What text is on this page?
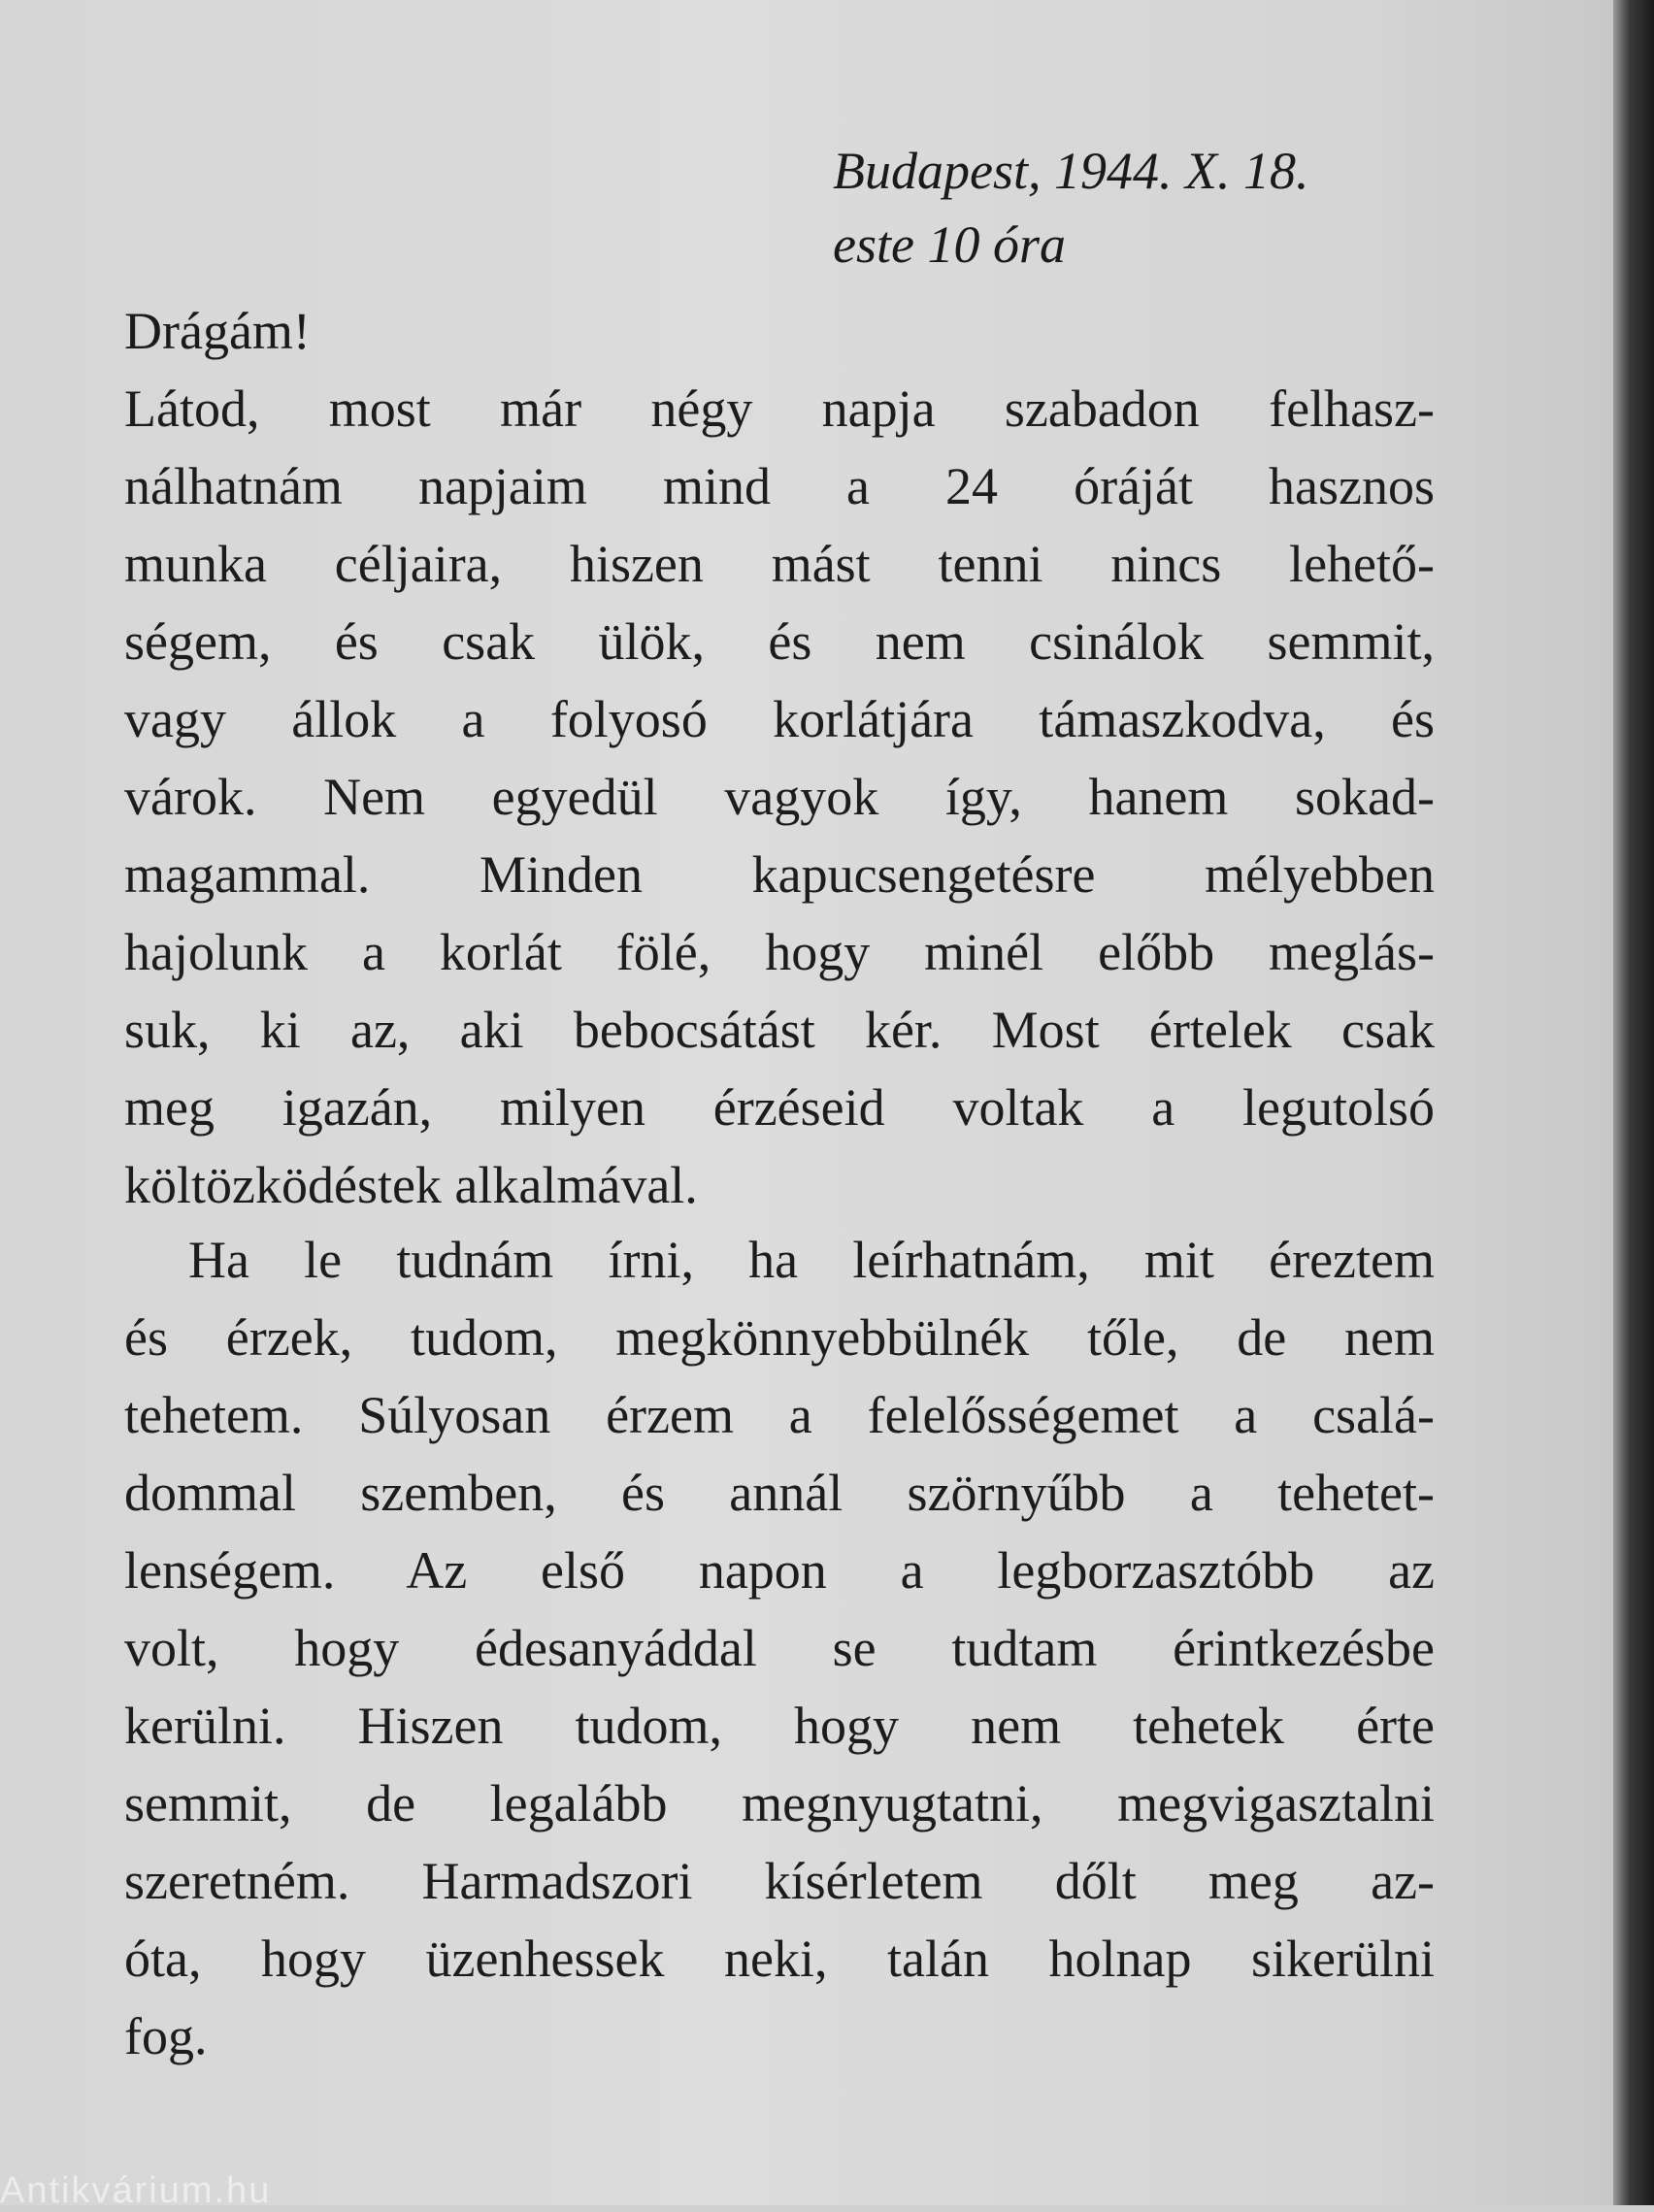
Budapest, 1944. X. 18.
este 10 óra
Drágám!
Látod, most már négy napja szabadon felhasz-
nálhatnám napjaim mind a 24 óráját hasznos
munka céljaira, hiszen mást tenni nincs lehető-
ségem, és csak ülök, és nem csinálok semmit,
vagy állok a folyosó korlátjára támaszkodva, és
várok. Nem egyedül vagyok így, hanem sokad-
magammal. Minden kapucsengetésre mélyebben
hajolunk a korlát fölé, hogy minél előbb meglás-
suk, ki az, aki bebocsátást kér. Most értelek csak
meg igazán, milyen érzéseid voltak a legutolsó
költözködéstek alkalmával.
Ha le tudnám írni, ha leírhatnám, mit éreztem
és érzek, tudom, megkönnyebbülnék tőle, de nem
tehetem. Súlyosan érzem a felelősségemet a csalá-
dommal szemben, és annál szörnyűbb a tehetet-
lenségem. Az első napon a legborzasztóbb az
volt, hogy édesanyáddal se tudtam érintkezésbe
kerülni. Hiszen tudom, hogy nem tehetek érte
semmit, de legalább megnyugtatni, megvigasztalni
szeretném. Harmadszori kísérletem dőlt meg az-
óta, hogy üzenhessek neki, talán holnap sikerülni
fog.
Antikvárium.hu
